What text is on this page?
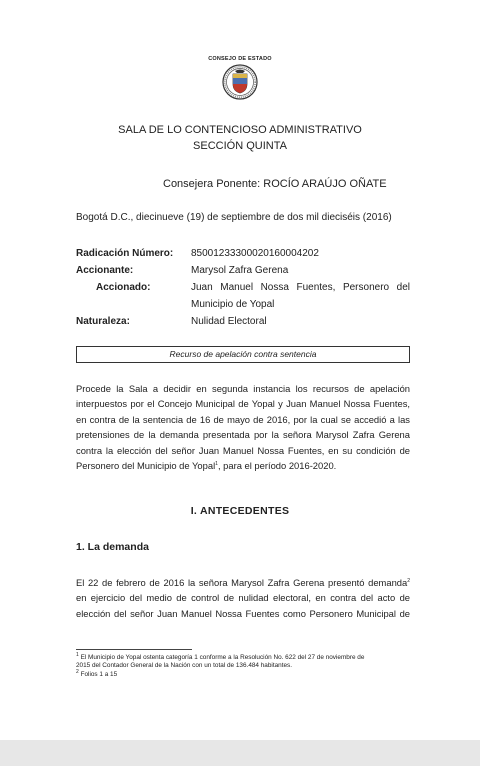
CONSEJO DE ESTADO
SALA DE LO CONTENCIOSO ADMINISTRATIVO
SECCIÓN QUINTA
Consejera Ponente: ROCÍO ARAÚJO OÑATE
Bogotá D.C., diecinueve (19) de septiembre de dos mil dieciséis (2016)
Radicación Número: 85001233300020160004202
Accionante:	Marysol Zafra Gerena
Accionado:	Juan Manuel Nossa Fuentes, Personero del
Municipio de Yopal
Naturaleza:	Nulidad Electoral
Recurso de apelación contra sentencia
Procede la Sala a decidir en segunda instancia los recursos de apelación
interpuestos por el Concejo Municipal de Yopal y Juan Manuel Nossa Fuentes,
en contra de la sentencia de 16 de mayo de 2016, por la cual se accedió a las
pretensiones de la demanda presentada por la señora Marysol Zafra Gerena
contra la elección del señor Juan Manuel Nossa Fuentes, en su condición de
Personero del Municipio de Yopal$^1$, para el período 2016-2020.
I. ANTECEDENTES
1. La demanda
El 22 de febrero de 2016 la señora Marysol Zafra Gerena presentó demanda$^2$
en ejercicio del medio de control de nulidad electoral, en contra del acto de
elección del señor Juan Manuel Nossa Fuentes como Personero Municipal de
$^1$ El Municipio de Yopal ostenta categoría 1 conforme a la Resolución No. 622 del 27 de noviembre de
2015 del Contador General de la Nación con un total de 136.484 habitantes.
$^2$ Folios 1 a 15
